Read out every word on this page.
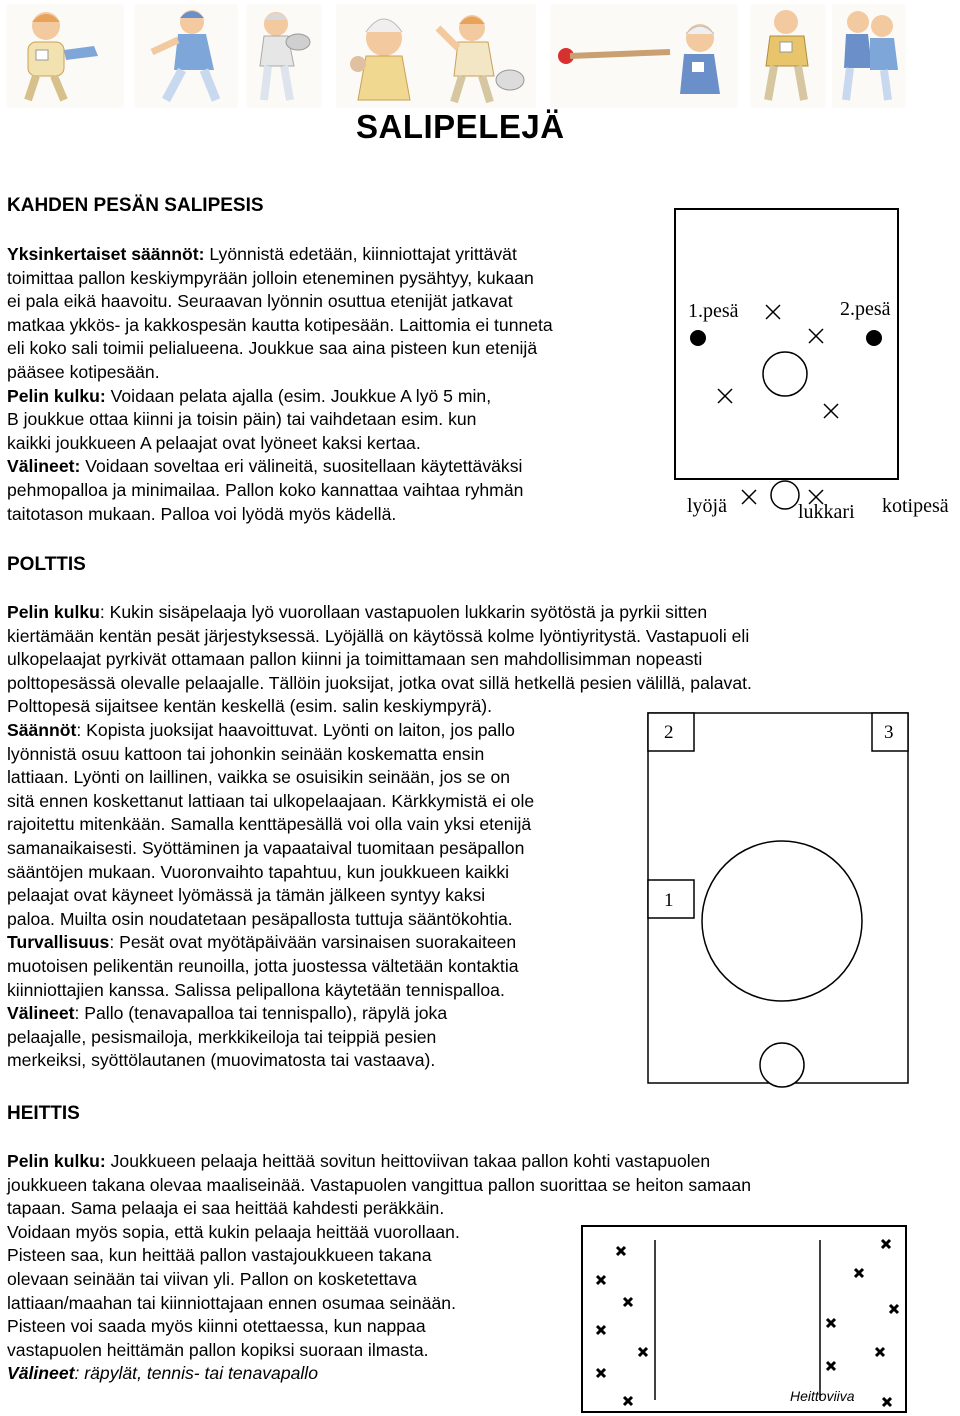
SALIPELEJÄ
KAHDEN PESÄN SALIPESIS
Yksinkertaiset säännöt: Lyönnistä edetään, kiinniottajat yrittävät
toimittaa pallon keskiympyrään jolloin eteneminen pysähtyy, kukaan
ei pala eikä haavoitu. Seuraavan lyönnin osuttua etenijät jatkavat
matkaa ykkös- ja kakkospesän kautta kotipesään. Laittomia ei tunneta
eli koko sali toimii pelialueena. Joukkue saa aina pisteen kun etenijä
pääsee kotipesään.
Pelin kulku: Voidaan pelata ajalla (esim. Joukkue A lyö 5 min,
B joukkue ottaa kiinni ja toisin päin) tai vaihdetaan esim. kun
kaikki joukkueen A pelaajat ovat lyöneet kaksi kertaa.
Välineet: Voidaan soveltaa eri välineitä, suositellaan käytettäväksi
pehmopalloa ja minimailaa. Pallon koko kannattaa vaihtaa ryhmän
taitotason mukaan. Palloa voi lyödä myös kädellä.
1.pesä	2.pesä
lyöjä	lukkari kotipesä
POLTTIS
Pelin kulku: Kukin sisäpelaaja lyö vuorollaan vastapuolen lukkarin syötöstä ja pyrkii sitten
kiertämään kentän pesät järjestyksessä. Lyöjällä on käytössä kolme lyöntiyritystä. Vastapuoli eli
ulkopelaajat pyrkivät ottamaan pallon kiinni ja toimittamaan sen mahdollisimman nopeasti
polttopesässä olevalle pelaajalle. Tällöin juoksijat, jotka ovat sillä hetkellä pesien välillä, palavat.
Polttopesä sijaitsee kentän keskellä (esim. salin keskiympyrä).
Säännöt: Kopista juoksijat haavoittuvat. Lyönti on laiton, jos pallo
lyönnistä osuu kattoon tai johonkin seinään koskematta ensin
lattiaan. Lyönti on laillinen, vaikka se osuisikin seinään, jos se on
sitä ennen koskettanut lattiaan tai ulkopelaajaan. Kärkkymistä ei ole
rajoitettu mitenkään. Samalla kenttäpesällä voi olla vain yksi etenijä
samanaikaisesti. Syöttäminen ja vapaataival tuomitaan pesäpallon
sääntöjen mukaan. Vuoronvaihto tapahtuu, kun joukkueen kaikki
pelaajat ovat käyneet lyömässä ja tämän jälkeen syntyy kaksi
paloa. Muilta osin noudatetaan pesäpallosta tuttuja sääntökohtia.
Turvallisuus: Pesät ovat myötäpäivään varsinaisen suorakaiteen
muotoisen pelikentän reunoilla, jotta juostessa vältetään kontaktia
kiinniottajien kanssa. Salissa pelipallona käytetään tennispalloa.
Välineet: Pallo (tenavapalloa tai tennispallo), räpylä joka
pelaajalle, pesismailoja, merkkikeiloja tai teippiä pesien
merkeiksi, syöttölautanen (muovimatosta tai vastaava).
2	3
1
HEITTIS
Pelin kulku: Joukkueen pelaaja heittää sovitun heittoviivan takaa pallon kohti vastapuolen
joukkueen takana olevaa maaliseinää. Vastapuolen vangittua pallon suorittaa se heiton samaan
tapaan. Sama pelaaja ei saa heittää kahdesti peräkkäin.
Voidaan myös sopia, että kukin pelaaja heittää vuorollaan.
Pisteen saa, kun heittää pallon vastajoukkueen takana
olevaan seinään tai viivan yli. Pallon on kosketettava
lattiaan/maahan tai kiinniottajaan ennen osumaa seinään.
Pisteen voi saada myös kiinni otettaessa, kun nappaa
vastapuolen heittämän pallon kopiksi suoraan ilmasta.
Välineet: räpylät, tennis- tai tenavapallo
Heittoviiva
